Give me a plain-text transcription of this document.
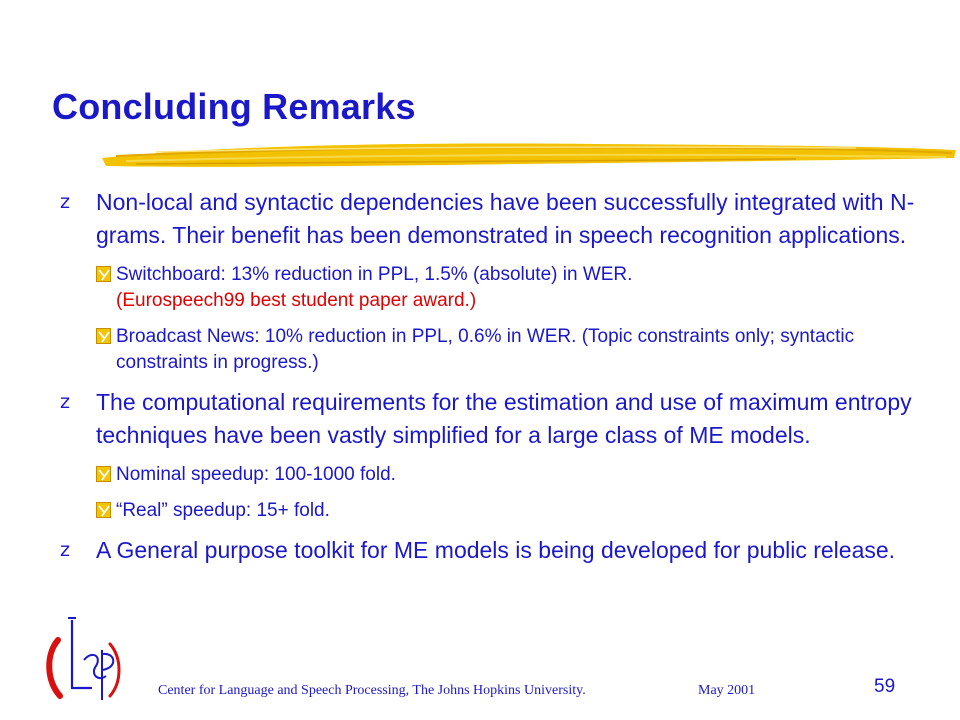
Concluding Remarks
z Non-local and syntactic dependencies have been successfully integrated with N-grams. Their benefit has been demonstrated in speech recognition applications.
Switchboard: 13% reduction in PPL, 1.5% (absolute) in WER.
(Eurospeech99 best student paper award.)
Broadcast News: 10% reduction in PPL, 0.6% in WER. (Topic constraints only; syntactic constraints in progress.)
z The computational requirements for the estimation and use of maximum entropy techniques have been vastly simplified for a large class of ME models.
Nominal speedup: 100-1000 fold.
“Real” speedup: 15+ fold.
z A General purpose toolkit for ME models is being developed for public release.
Center for Language and Speech Processing, The Johns Hopkins University.	May 2001	59
